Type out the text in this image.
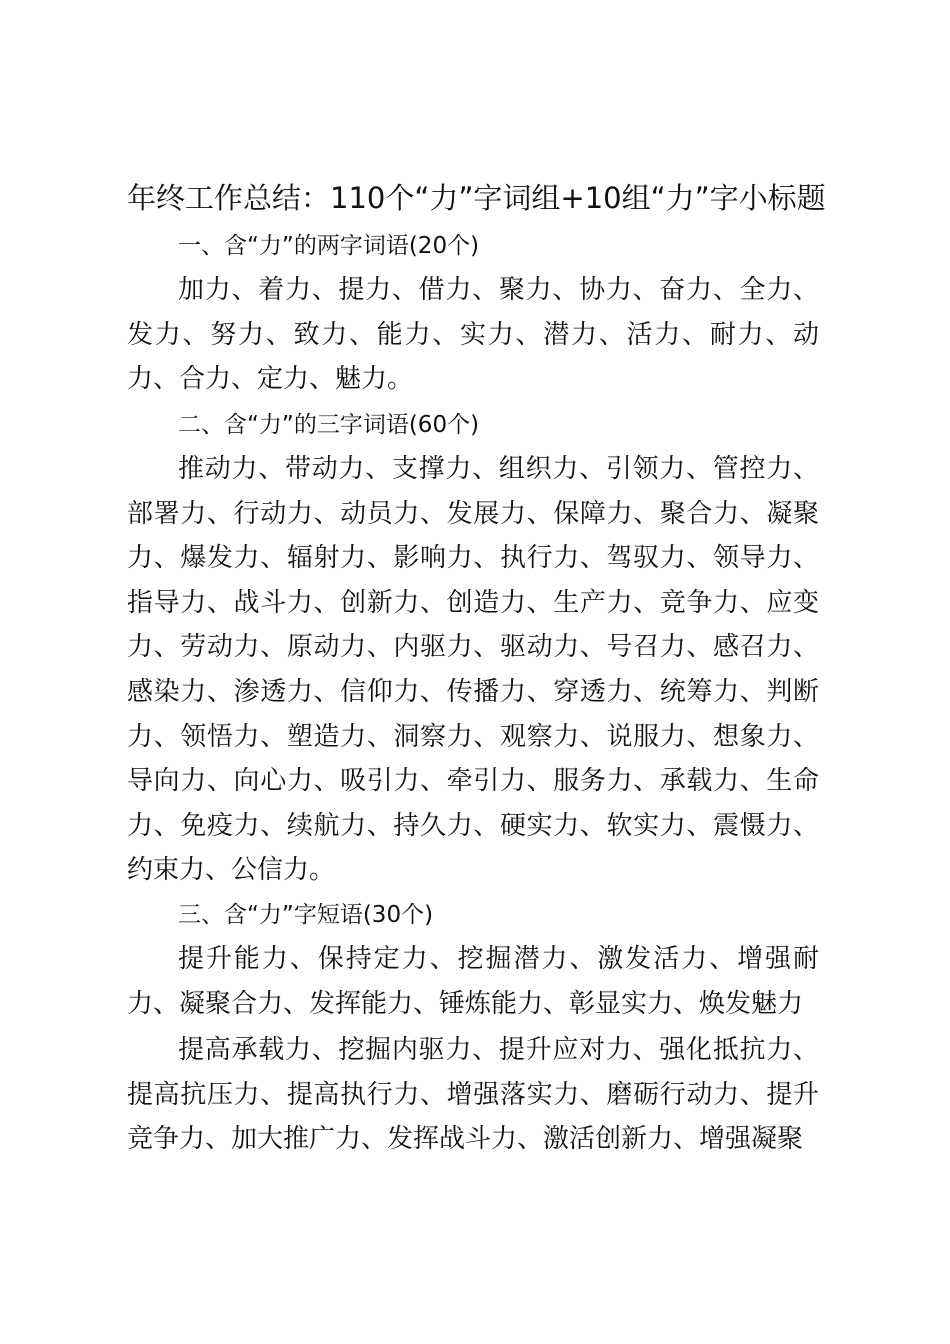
年终工作总结：110个“力”字词组+10组“力”字小标题
一、含“力”的两字词语(20个)
加力、着力、提力、借力、聚力、协力、奋力、全力、发力、努力、致力、能力、实力、潜力、活力、耐力、动力、合力、定力、魅力。
二、含“力”的三字词语(60个)
推动力、带动力、支撑力、组织力、引领力、管控力、部署力、行动力、动员力、发展力、保障力、聚合力、凝聚力、爆发力、辐射力、影响力、执行力、驾驭力、领导力、指导力、战斗力、创新力、创造力、生产力、竞争力、应变力、劳动力、原动力、内驱力、驱动力、号召力、感召力、感染力、渗透力、信仰力、传播力、穿透力、统筹力、判断力、领悟力、塑造力、洞察力、观察力、说服力、想象力、导向力、向心力、吸引力、牵引力、服务力、承载力、生命力、免疫力、续航力、持久力、硬实力、软实力、震慑力、约束力、公信力。
三、含“力”字短语(30个)
提升能力、保持定力、挖掘潜力、激发活力、增强耐力、凝聚合力、发挥能力、锤炼能力、彰显实力、焕发魅力
提高承载力、挖掘内驱力、提升应对力、强化抵抗力、提高抗压力、提高执行力、增强落实力、磨砺行动力、提升竞争力、加大推广力、发挥战斗力、激活创新力、增强凝聚
